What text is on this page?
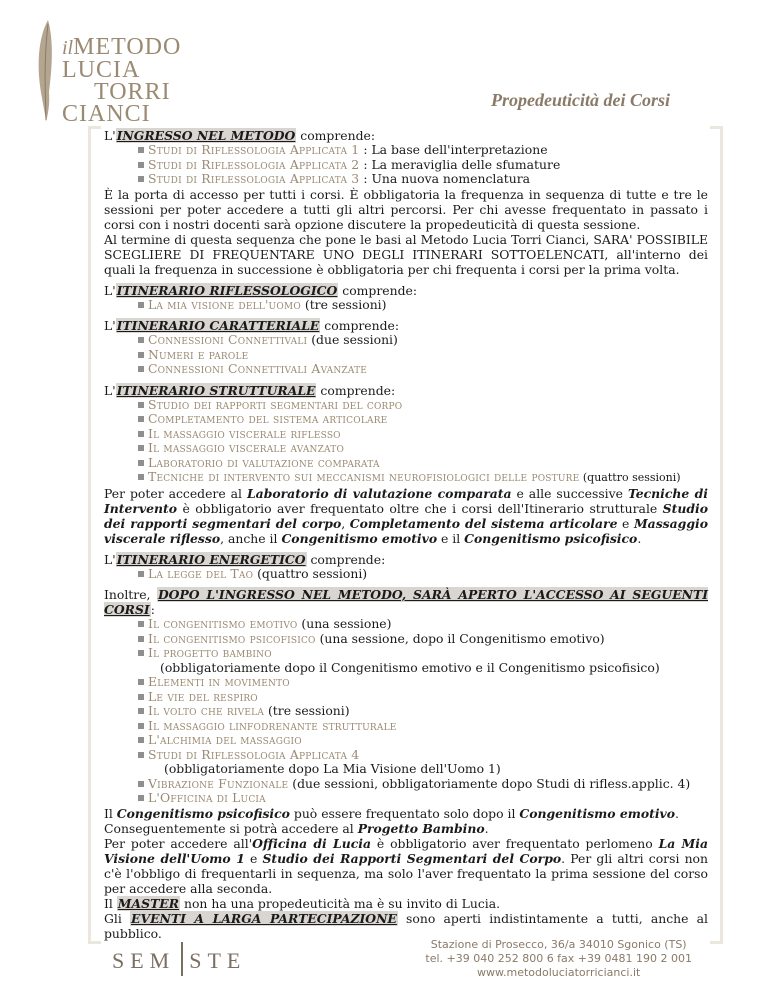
ilMETODO
LUCIA
TORRI
CIANCI
Propedeuticità dei Corsi

L'INGRESSO NEL METODO comprende:

Studi di Riflessologia Applicata 1 : La base dell'interpretazione
Studi di Riflessologia Applicata 2 : La meraviglia delle sfumature
Studi di Riflessologia Applicata 3 : Una nuova nomenclatura

È la porta di accesso per tutti i corsi. È obbligatoria la frequenza in sequenza di tutte e tre le sessioni per poter accedere a tutti gli altri percorsi. Per chi avesse frequentato in passato i corsi con i nostri docenti sarà opzione discutere la propedeuticità di questa sessione.

Al termine di questa sequenza che pone le basi al Metodo Lucia Torri Cianci, SARA' POSSIBILE SCEGLIERE DI FREQUENTARE UNO DEGLI ITINERARI SOTTOELENCATI, all'interno dei quali la frequenza in successione è obbligatoria per chi frequenta i corsi per la prima volta.

L'ITINERARIO RIFLESSOLOGICO comprende:

La mia visione dell'uomo (tre sessioni)

L'ITINERARIO CARATTERIALE comprende:

Connessioni Connettivali (due sessioni)
Numeri e parole
Connessioni Connettivali Avanzate

L'ITINERARIO STRUTTURALE comprende:

Studio dei rapporti segmentari del corpo
Completamento del sistema articolare
Il massaggio viscerale riflesso
Il massaggio viscerale avanzato
Laboratorio di valutazione comparata
Tecniche di intervento sui meccanismi neurofisiologici delle posture (quattro sessioni)

Per poter accedere al Laboratorio di valutazione comparata e alle successive Tecniche di Intervento è obbligatorio aver frequentato oltre che i corsi dell'Itinerario strutturale Studio dei rapporti segmentari del corpo, Completamento del sistema articolare e Massaggio viscerale riflesso, anche il Congenitismo emotivo e il Congenitismo psicofisico.

L'ITINERARIO ENERGETICO comprende:

La legge del Tao (quattro sessioni)

Inoltre, DOPO L'INGRESSO NEL METODO, SARÀ APERTO L'ACCESSO AI SEGUENTI CORSI:

Il congenitismo emotivo (una sessione)
Il congenitismo psicofisico (una sessione, dopo il Congenitismo emotivo)
Il progetto bambino
(obbligatoriamente dopo il Congenitismo emotivo e il Congenitismo psicofisico)
Elementi in movimento
Le vie del respiro
Il volto che rivela (tre sessioni)
Il massaggio linfodrenante strutturale
L'alchimia del massaggio
Studi di Riflessologia Applicata 4
(obbligatoriamente dopo La Mia Visione dell'Uomo 1)
Vibrazione Funzionale (due sessioni, obbligatoriamente dopo Studi di rifless.applic. 4)
L'Officina di Lucia

Il Congenitismo psicofisico può essere frequentato solo dopo il Congenitismo emotivo.

Conseguentemente si potrà accedere al Progetto Bambino.

Per poter accedere all'Officina di Lucia è obbligatorio aver frequentato perlomeno La Mia Visione dell'Uomo 1 e Studio dei Rapporti Segmentari del Corpo. Per gli altri corsi non c'è l'obbligo di frequentarli in sequenza, ma solo l'aver frequentato la prima sessione del corso per accedere alla seconda.

Il MASTER non ha una propedeuticità ma è su invito di Lucia.

Gli EVENTI A LARGA PARTECIPAZIONE sono aperti indistintamente a tutti, anche al pubblico.

SEM STE
Stazione di Prosecco, 36/a 34010 Sgonico (TS)
tel. +39 040 252 800 6 fax +39 0481 190 2 001
www.metodoluciatorricianci.it
